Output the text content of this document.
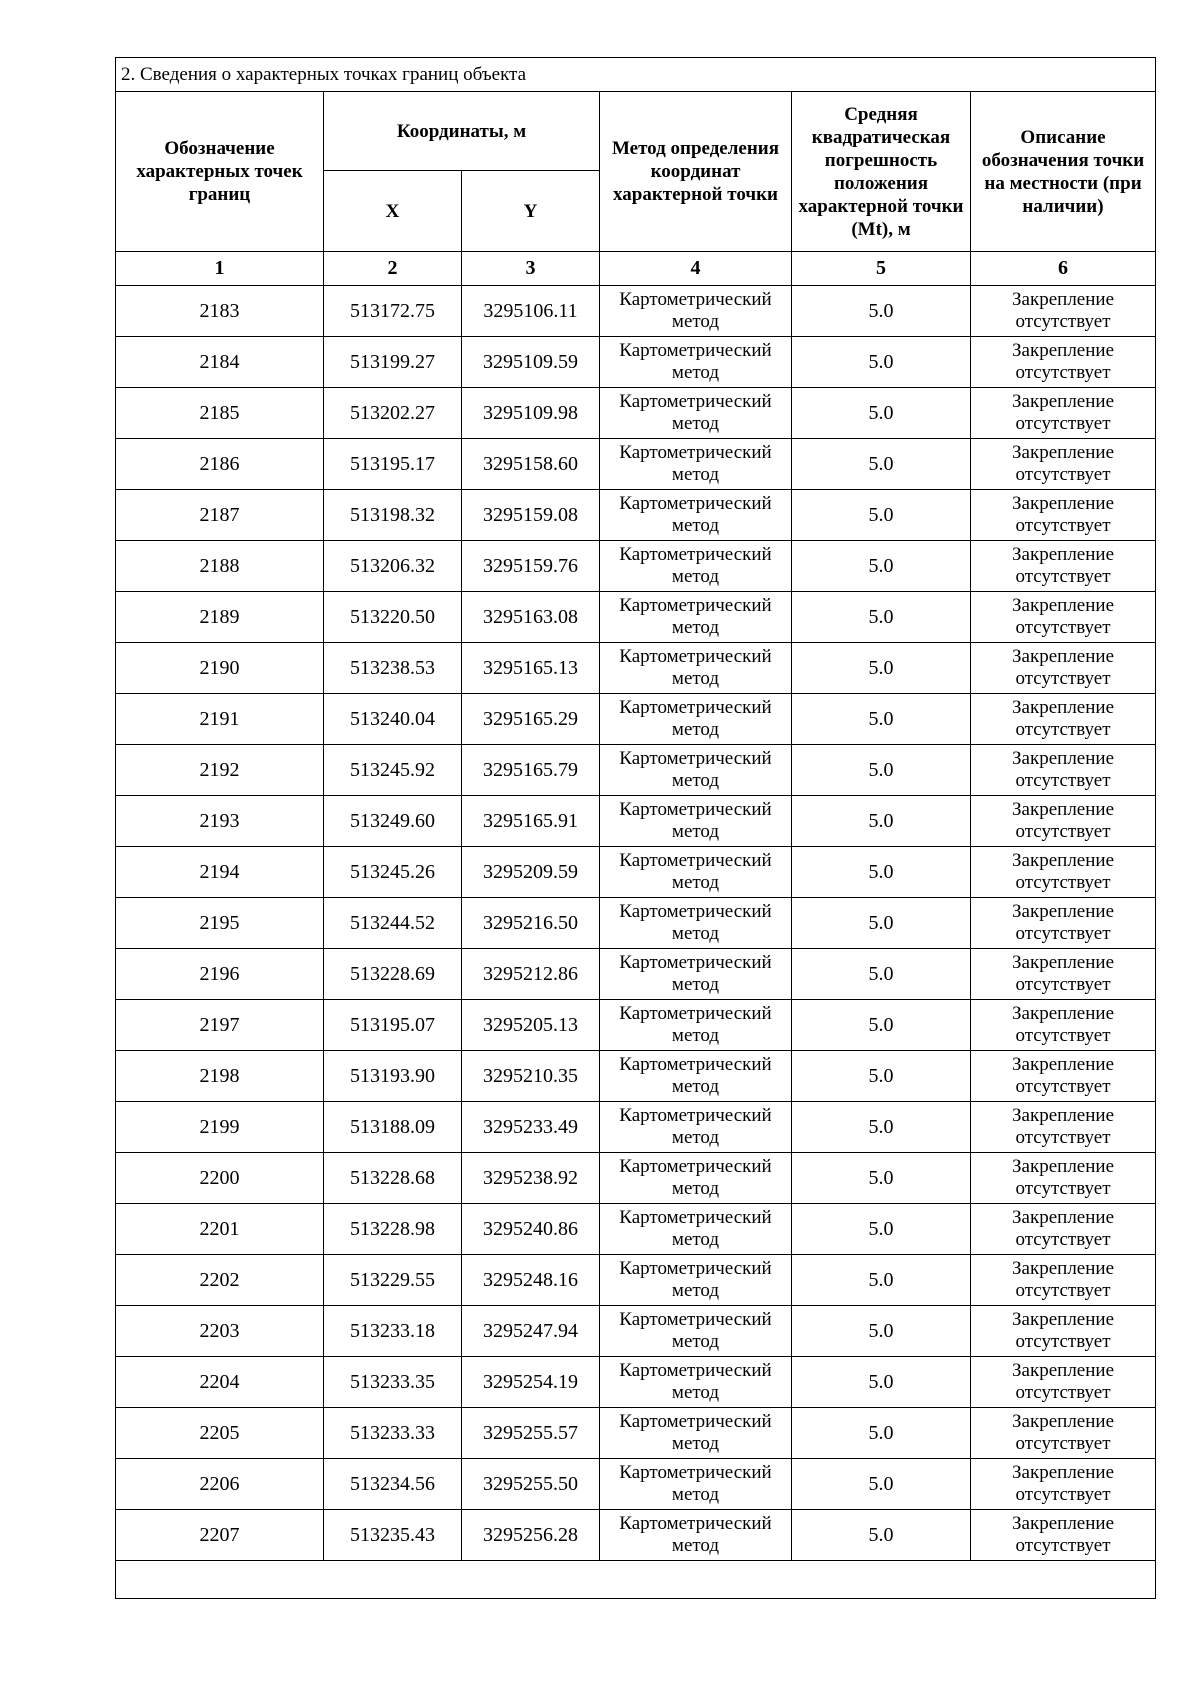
2. Сведения о характерных точках границ объекта					
Обозначение характерных точек границ	Координаты, м		Метод определения координат характерной точки	Средняя квадратическая погрешность положения характерной точки (Mt), м	Описание обозначения точки на местности (при наличии)
	X	Y			
1	2	3	4	5	6
2183	513172.75	3295106.11	Картометрический метод	5.0	Закрепление отсутствует
2184	513199.27	3295109.59	Картометрический метод	5.0	Закрепление отсутствует
2185	513202.27	3295109.98	Картометрический метод	5.0	Закрепление отсутствует
2186	513195.17	3295158.60	Картометрический метод	5.0	Закрепление отсутствует
2187	513198.32	3295159.08	Картометрический метод	5.0	Закрепление отсутствует
2188	513206.32	3295159.76	Картометрический метод	5.0	Закрепление отсутствует
2189	513220.50	3295163.08	Картометрический метод	5.0	Закрепление отсутствует
2190	513238.53	3295165.13	Картометрический метод	5.0	Закрепление отсутствует
2191	513240.04	3295165.29	Картометрический метод	5.0	Закрепление отсутствует
2192	513245.92	3295165.79	Картометрический метод	5.0	Закрепление отсутствует
2193	513249.60	3295165.91	Картометрический метод	5.0	Закрепление отсутствует
2194	513245.26	3295209.59	Картометрический метод	5.0	Закрепление отсутствует
2195	513244.52	3295216.50	Картометрический метод	5.0	Закрепление отсутствует
2196	513228.69	3295212.86	Картометрический метод	5.0	Закрепление отсутствует
2197	513195.07	3295205.13	Картометрический метод	5.0	Закрепление отсутствует
2198	513193.90	3295210.35	Картометрический метод	5.0	Закрепление отсутствует
2199	513188.09	3295233.49	Картометрический метод	5.0	Закрепление отсутствует
2200	513228.68	3295238.92	Картометрический метод	5.0	Закрепление отсутствует
2201	513228.98	3295240.86	Картометрический метод	5.0	Закрепление отсутствует
2202	513229.55	3295248.16	Картометрический метод	5.0	Закрепление отсутствует
2203	513233.18	3295247.94	Картометрический метод	5.0	Закрепление отсутствует
2204	513233.35	3295254.19	Картометрический метод	5.0	Закрепление отсутствует
2205	513233.33	3295255.57	Картометрический метод	5.0	Закрепление отсутствует
2206	513234.56	3295255.50	Картометрический метод	5.0	Закрепление отсутствует
2207	513235.43	3295256.28	Картометрический метод	5.0	Закрепление отсутствует
